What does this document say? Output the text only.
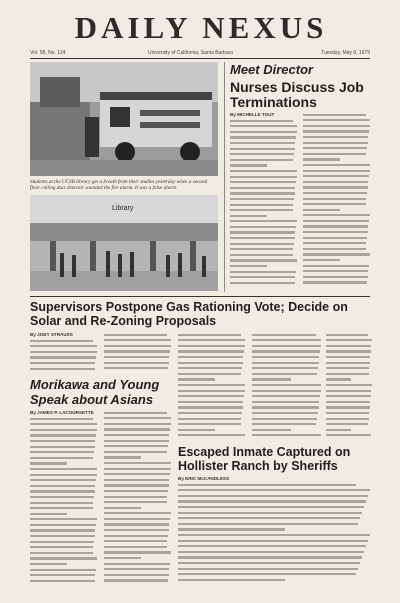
DAILY NEXUS
Vol. 58, No. 124	University of California, Santa Barbara	Tuesday, May 8, 1979
Students at the UCSB library get a breath from their studies yesterday when a second floor ceiling duct detector sounded the fire alarm. It was a false alarm.
Library
Meet Director
Nurses Discuss Job Terminations
By MICHELLE TOUT
Supervisors Postpone Gas Rationing Vote; Decide on Solar and Re-Zoning Proposals
By JODY STRAUSS
Morikawa and Young Speak about Asians
By JAMES P. LACOURSETTE
Escaped Inmate Captured on Hollister Ranch by Sheriffs
By ERIC McCANDLESS
